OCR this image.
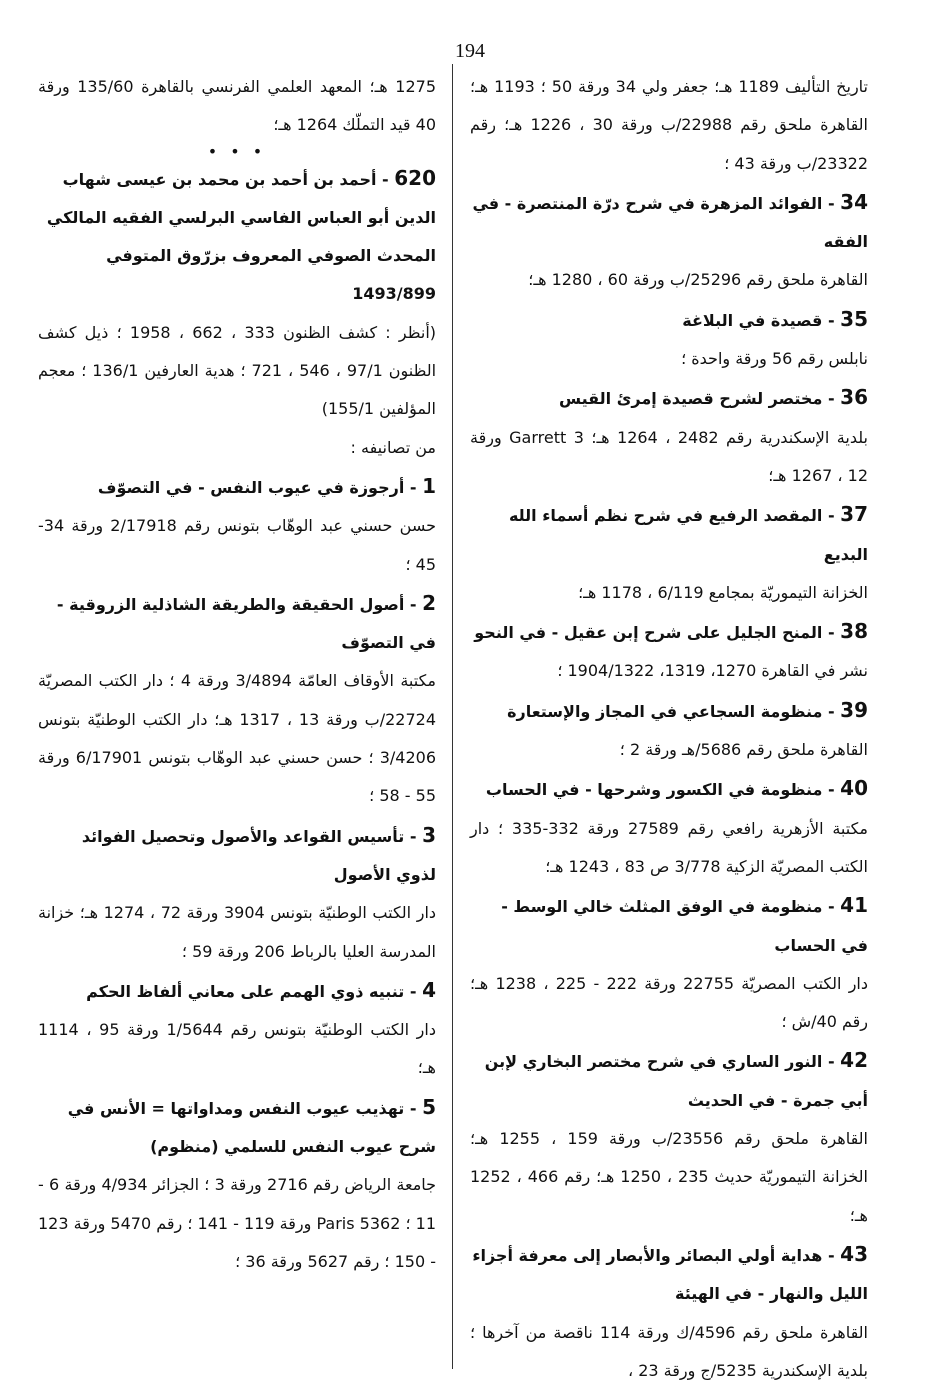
194
تاريخ التأليف 1189 هـ؛ جعفر ولي 34 ورقة 50 ؛ 1193 هـ؛ القاهرة ملحق رقم 22988/ب ورقة 30 ، 1226 هـ؛ رقم 23322/ب ورقة 43 ؛
34 - الفوائد المزهرة في شرح درّة المنتصرة - في الفقه
القاهرة ملحق رقم 25296/ب ورقة 60 ، 1280 هـ؛
35 - قصيدة في البلاغة
نابلس رقم 56 ورقة واحدة ؛
36 - مختصر لشرح قصيدة إمرئ القيس
بلدية الإسكندرية رقم 2482 ، 1264 هـ؛ Garrett 3 ورقة 12 ، 1267 هـ؛
37 - المقصد الرفيع في شرح نظم أسماء الله البديع
الخزانة التيموريّة بمجامع 6/119 ، 1178 هـ؛
38 - المنح الجليل على شرح إبن عقيل - في النحو
نشر في القاهرة 1270، 1319، 1904/1322 ؛
39 - منظومة السجاعي في المجاز والإستعارة
القاهرة ملحق رقم 5686/هـ ورقة 2 ؛
40 - منظومة في الكسور وشرحها - في الحساب
مكتبة الأزهرية رافعي رقم 27589 ورقة 332-335 ؛ دار الكتب المصريّة الزكية 3/778 ص 83 ، 1243 هـ؛
41 - منظومة في الوفق المثلث خالي الوسط - في الحساب
دار الكتب المصريّة 22755 ورقة 222 - 225 ، 1238 هـ؛ رقم 40/ش ؛
42 - النور الساري في شرح مختصر البخاري لإبن أبي جمرة - في الحديث
القاهرة ملحق رقم 23556/ب ورقة 159 ، 1255 هـ؛ الخزانة التيموريّة حديث 235 ، 1250 هـ؛ رقم 466 ، 1252 هـ؛
43 - هداية أولي البصائر والأبصار إلى معرفة أجزاء الليل والنهار - في الهيئة
القاهرة ملحق رقم 4596/ك ورقة 114 ناقصة من آخرها ؛ بلدية الإسكندرية 5235/ج ورقة 23 ،
1275 هـ؛ المعهد العلمي الفرنسي بالقاهرة 135/60 ورقة 40 قيد التملّك 1264 هـ؛
• • •
620 - أحمد بن أحمد بن محمد بن عيسى شهاب الدين أبو العباس الفاسي البرلسي الفقيه المالكي المحدث الصوفي المعروف بزرّوق المتوفي 1493/899
(أنظر : كشف الظنون 333 ، 662 ، 1958 ؛ ذيل كشف الظنون 97/1 ، 546 ، 721 ؛ هدية العارفين 136/1 ؛ معجم المؤلفين 155/1)
من تصانيفه :
1 - أرجوزة في عيوب النفس - في التصوّف
حسن حسني عبد الوهّاب بتونس رقم 2/17918 ورقة 34- 45 ؛
2 - أصول الحقيقة والطريقة الشاذلية الزروقية - في التصوّف
مكتبة الأوقاف العامّة 3/4894 ورقة 4 ؛ دار الكتب المصريّة 22724/ب ورقة 13 ، 1317 هـ؛ دار الكتب الوطنيّة بتونس 3/4206 ؛ حسن حسني عبد الوهّاب بتونس 6/17901 ورقة 55 - 58 ؛
3 - تأسيس القواعد والأصول وتحصيل الفوائد لذوي الأصول
دار الكتب الوطنيّة بتونس 3904 ورقة 72 ، 1274 هـ؛ خزانة المدرسة العليا بالرباط 206 ورقة 59 ؛
4 - تنبيه ذوي الهمم على معاني ألفاظ الحكم
دار الكتب الوطنيّة بتونس رقم 1/5644 ورقة 95 ، 1114 هـ؛
5 - تهذيب عيوب النفس ومداواتها = الأنس في شرح عيوب النفس للسلمي (منظوم)
جامعة الرياض رقم 2716 ورقة 3 ؛ الجزائر 4/934 ورقة 6 - 11 ؛ Paris 5362 ورقة 119 - 141 ؛ رقم 5470 ورقة 123 - 150 ؛ رقم 5627 ورقة 36 ؛
